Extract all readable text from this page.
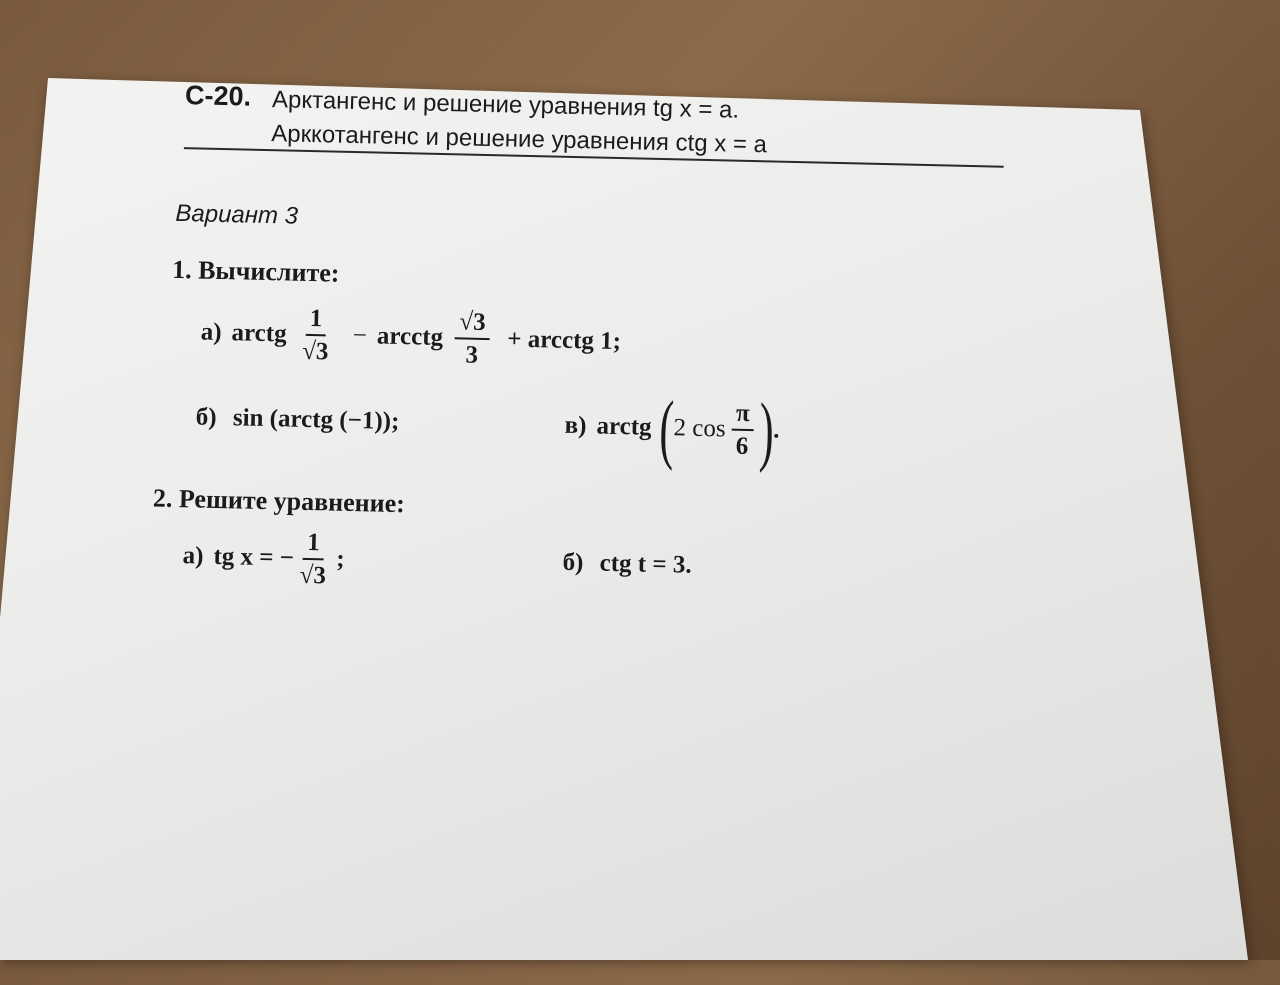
С-20. Арктангенс и решение уравнения tg x = a.
Арккотангенс и решение уравнения ctg x = a
Вариант 3
1. Вычислите:
а) arctg $\frac{1}{√3}$ − arcctg $\frac{√3}{3}$ + arcctg 1;
б) sin (arctg (−1));	в) arctg (
2 $\cos \frac{\pi}{6}$ )
.
2. Решите уравнение:
а) tg x = − $\frac{1}{√3}$ ;	б) ctg t = 3.
